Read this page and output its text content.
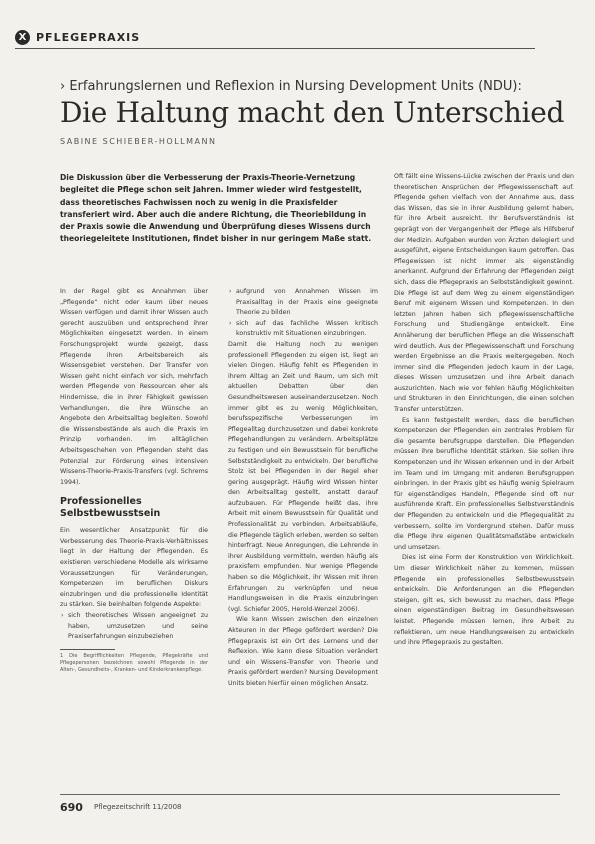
X PFLEGEPRAXIS
› Erfahrungslernen und Reflexion in Nursing Development Units (NDU):
Die Haltung macht den Unterschied
SABINE SCHIEBER-HOLLMANN
Die Diskussion über die Verbesserung der Praxis-Theorie-Vernetzung begleitet die Pflege schon seit Jahren. Immer wieder wird festgestellt, dass theoretisches Fachwissen noch zu wenig in die Praxisfelder transferiert wird. Aber auch die andere Richtung, die Theoriebildung in der Praxis sowie die Anwendung und Überprüfung dieses Wissens durch theoriegeleitete Institutionen, findet bisher in nur geringem Maße statt.

In der Regel gibt es Annahmen über „Pflegende“ nicht oder kaum über neues Wissen verfügen und damit ihrer Wissen auch gerecht auszuüben und entsprechend ihrer Möglichkeiten eingesetzt werden. In einem Forschungsprojekt wurde gezeigt, dass Pflegende ihren Arbeitsbereich als Wissensgebiet verstehen. Der Transfer von Wissen geht nicht einfach vor sich, mehrfach werden Pflegende von Ressourcen eher als Hindernisse, die in ihrer Fähigkeit gewissen Verhandlungen, die ihre Wünsche an Angebote den Arbeitsalltag begleiten. Sowohl die Wissensbestände als auch die Praxis im Prinzip vorhanden. Im alltäglichen Arbeitsgeschehen von Pflegenden steht das Potenzial zur Förderung eines intensiven Wissens-Theorie-Praxis-Transfers (vgl. Schrems 1994).

Professionelles Selbstbewusstsein

Ein wesentlicher Ansatzpunkt für die Verbesserung des Theorie-Praxis-Verhältnisses liegt in der Haltung der Pflegenden. Es existieren verschiedene Modelle als wirksame Voraussetzungen für Veränderungen, Kompetenzen im beruflichen Diskurs einzubringen und die professionelle Identität zu stärken. Sie beinhalten folgende Aspekte:

› sich theoretisches Wissen angeeignet zu haben, umzusetzen und seine Praxiserfahrungen einzubeziehen
1 Die Begrifflichkeiten Pflegende, Pflegekräfte und Pflegepersonen bezeichnen sowohl Pflegende in der Alten-, Gesundheits-, Kranken- und Kinderkrankenpflege.
› aufgrund von Annahmen Wissen im Praxisalltag in der Praxis eine geeignete Theorie zu bilden
› sich auf das fachliche Wissen kritisch konstruktiv mit Situationen einzubringen.

Damit die Haltung noch zu wenigen professionell Pflegenden zu eigen ist, liegt an vielen Dingen. Häufig fehlt es Pflegenden in ihrem Alltag an Zeit und Raum, um sich mit aktuellen Debatten über den Gesundheitswesen auseinanderzusetzen. Noch immer gibt es zu wenig Möglichkeiten, berufsspezifische Verbesserungen im Pflegealltag durchzusetzen und dabei konkrete Pflegehandlungen zu verändern. Arbeitsplätze zu festigen und ein Bewusstsein für berufliche Selbstständigkeit zu entwickeln. Der berufliche Stolz ist bei Pflegenden in der Regel eher gering ausgeprägt. Häufig wird Wissen hinter den Arbeitsalltag gestellt, anstatt darauf aufzubauen. Für Pflegende heißt das, ihre Arbeit mit einem Bewusstsein für Qualität und Professionalität zu verbinden. Arbeitsabläufe, die Pflegende täglich erleben, werden so selten hinterfragt. Neue Anregungen, die Lehrende in ihrer Ausbildung vermitteln, werden häufig als praxisfern empfunden. Nur wenige Pflegende haben so die Möglichkeit, ihr Wissen mit ihren Erfahrungen zu verknüpfen und neue Handlungsweisen in die Praxis einzubringen (vgl. Schiefer 2005, Herold-Wenzel 2006).

Wie kann Wissen zwischen den einzelnen Akteuren in der Pflege gefördert werden? Die Pflegepraxis ist ein Ort des Lernens und der Reflexion. Wie kann diese Situation verändert und ein Wissens-Transfer von Theorie und Praxis gefördert werden? Nursing Development Units bieten hierfür einen möglichen Ansatz.

Oft fällt eine Wissens-Lücke zwischen der Praxis und den theoretischen Ansprüchen der Pflegewissenschaft auf. Pflegende gehen vielfach von der Annahme aus, dass das Wissen, das sie in ihrer Ausbildung gelernt haben, für ihre Arbeit ausreicht. Ihr Berufsverständnis ist geprägt von der Vergangenheit der Pflege als Hilfsberuf der Medizin. Aufgaben wurden von Ärzten delegiert und ausgeführt, eigene Entscheidungen kaum getroffen. Das Pflegewissen ist nicht immer als eigenständig anerkannt. Aufgrund der Erfahrung der Pflegenden zeigt sich, dass die Pflegepraxis an Selbstständigkeit gewinnt. Die Pflege ist auf dem Weg zu einem eigenständigen Beruf mit eigenem Wissen und Kompetenzen. In den letzten Jahren haben sich pflegewissenschaftliche Forschung und Studiengänge entwickelt. Eine Annäherung der beruflichen Pflege an die Wissenschaft wird deutlich. Aus der Pflegewissenschaft und Forschung werden Ergebnisse an die Praxis weitergegeben. Noch immer sind die Pflegenden jedoch kaum in der Lage, dieses Wissen umzusetzen und ihre Arbeit danach auszurichten. Nach wie vor fehlen häufig Möglichkeiten und Strukturen in den Einrichtungen, die einen solchen Transfer unterstützen.

Es kann festgestellt werden, dass die beruflichen Kompetenzen der Pflegenden ein zentrales Problem für die gesamte berufsgruppe darstellen. Die Pflegenden müssen ihre berufliche Identität stärken. Sie sollen ihre Kompetenzen und ihr Wissen erkennen und in der Arbeit im Team und im Umgang mit anderen Berufsgruppen einbringen. In der Praxis gibt es häufig wenig Spielraum für eigenständiges Handeln, Pflegende sind oft nur ausführende Kraft. Ein professionelles Selbstverständnis der Pflegenden zu entwickeln und die Pflegequalität zu verbessern, sollte im Vordergrund stehen. Dafür muss die Pflege ihre eigenen Qualitätsmaßstäbe entwickeln und umsetzen.

Dies ist eine Form der Konstruktion von Wirklichkeit. Um dieser Wirklichkeit näher zu kommen, müssen Pflegende ein professionelles Selbstbewusstsein entwickeln. Die Anforderungen an die Pflegenden steigen, gilt es, sich bewusst zu machen, dass Pflege einen eigenständigen Beitrag im Gesundheitswesen leistet. Pflegende müssen lernen, ihre Arbeit zu reflektieren, um neue Handlungsweisen zu entwickeln und ihre Pflegepraxis zu gestalten.

690 Pflegezeitschrift 11/2008
